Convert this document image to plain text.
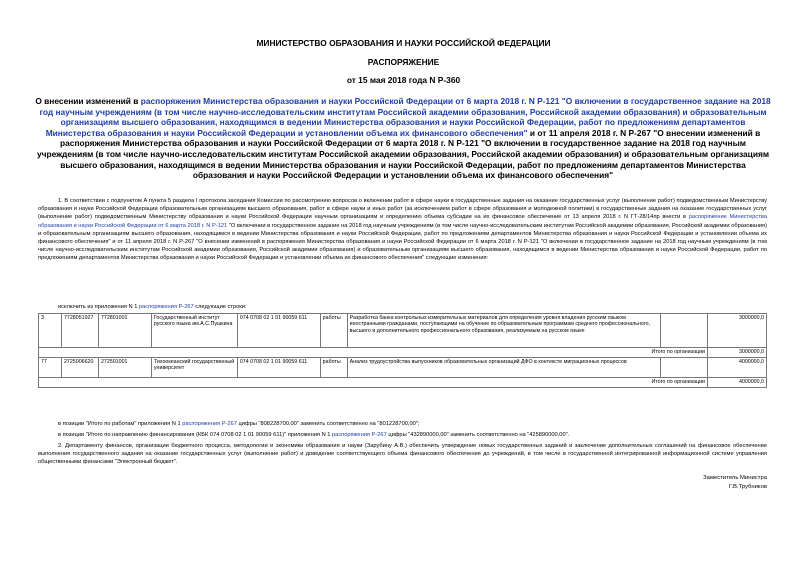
МИНИСТЕРСТВО ОБРАЗОВАНИЯ И НАУКИ РОССИЙСКОЙ ФЕДЕРАЦИИ
РАСПОРЯЖЕНИЕ
от 15 мая 2018 года N Р-360
О внесении изменений в распоряжения Министерства образования и науки Российской Федерации от 6 марта 2018 г. N Р-121 "О включении в государственное задание на 2018 год научным учреждениям (в том числе научно-исследовательским институтам Российской академии образования, Российской академии образования) и образовательным организациям высшего образования, находящимся в ведении Министерства образования и науки Российской Федерации, работ по предложениям департаментов Министерства образования и науки Российской Федерации и установлении объема их финансового обеспечения" и от 11 апреля 2018 г. N Р-267 "О внесении изменений в распоряжения Министерства образования и науки Российской Федерации от 6 марта 2018 г. N Р-121 "О включении в государственное задание на 2018 год научным учреждениям (в том числе научно-исследовательским институтам Российской академии образования, Российской академии образования) и образовательным организациям высшего образования, находящимся в ведении Министерства образования и науки Российской Федерации, работ по предложениям департаментов Министерства образования и науки Российской Федерации и установлении объема их финансового обеспечения"
1. В соответствии с подпунктом А пункта 5 раздела I протокола заседания Комиссии по рассмотрению вопросов о включении работ в сфере науки в государственные задания на оказание государственных услуг (выполнение работ) подведомственным Министерству образования и науки Российской Федерации образовательным организациям высшего образования, работ в сфере науки и иных работ (за исключением работ в сфере образования и молодежной политики) в государственные задания на оказание государственных услуг (выполнение работ) подведомственным Министерству образования и науки Российской Федерации научным организациям и определению объема субсидии на их финансовое обеспечение от 13 апреля 2018 г. N ГТ-28/14пр внести в распоряжение Министерства образования и науки Российской Федерации от 6 марта 2018 г. N Р-121 "О включении в государственное задание на 2018 год научным учреждениям (в том числе научно-исследовательским институтам Российской академии образования, Российской академии образования) и образовательным организациям высшего образования, находящимся в ведении Министерства образования и науки Российской Федерации, работ по предложениям департаментов Министерства образования и науки Российской Федерации и установлении объема их финансового обеспечения" и от 11 апреля 2018 г. N Р-267 "О внесении изменений в распоряжения Министерства образования и науки Российской Федерации от 6 марта 2018 г. N Р-121 "О включении в государственное задание на 2018 год научным учреждениям (в том числе научно-исследовательским институтам Российской академии образования, Российской академии образования) и образовательным организациям высшего образования, находящимся в ведении Министерства образования и науки Российской Федерации, работ по предложениям департаментов Министерства образования и науки Российской Федерации и установлении объема их финансового обеспечения" следующие изменения:
исключить из приложения N 1 распоряжения Р-267 следующие строки:
3	7728051927	772801001	Государственный институт русского языка им.А.С.Пушкина	074 0708 02 1 01 90059 611	работы	Разработка банка контрольных измерительных материалов для определения уровня владения русским языком иностранными гражданами, поступающими на обучение по образовательным программам среднего профессионального, высшего и дополнительного профессионального образования, реализуемым на русском языке		3000000,0
Итого по организации								3000000,0
77	2725006620	272501001	Тихоокеанский государственный университет	074 0708 02 1 01 90059 611	работы	Анализ трудоустройства выпускников образовательных организаций ДФО в контексте миграционных процессов		4000000,0
Итого по организации								4000000,0
в позиции "Итого по работам" приложения N 1 распоряжения Р-267 цифры "808228700,00" заменить соответственно на "801228700,00";
в позиции "Итого по направлению финансирования (КБК 074 0708 02 1 01 90059 611)" приложения N 1 распоряжения Р-267 цифры "432890000,00" заменить соответственно на "425890000,00".
2. Департаменту финансов, организации бюджетного процесса, методологии и экономики образования и науки (Зарубину А.В.) обеспечить утверждение новых государственных заданий и заключение дополнительных соглашений на финансовое обеспечение выполнения государственного задания на оказание государственных услуг (выполнение работ) и доведение соответствующего объема финансового обеспечения до учреждений, в том числе в государственной интегрированной информационной системе управления общественными финансами "Электронный бюджет".
Заместитель Министра
Г.В.Трубников
